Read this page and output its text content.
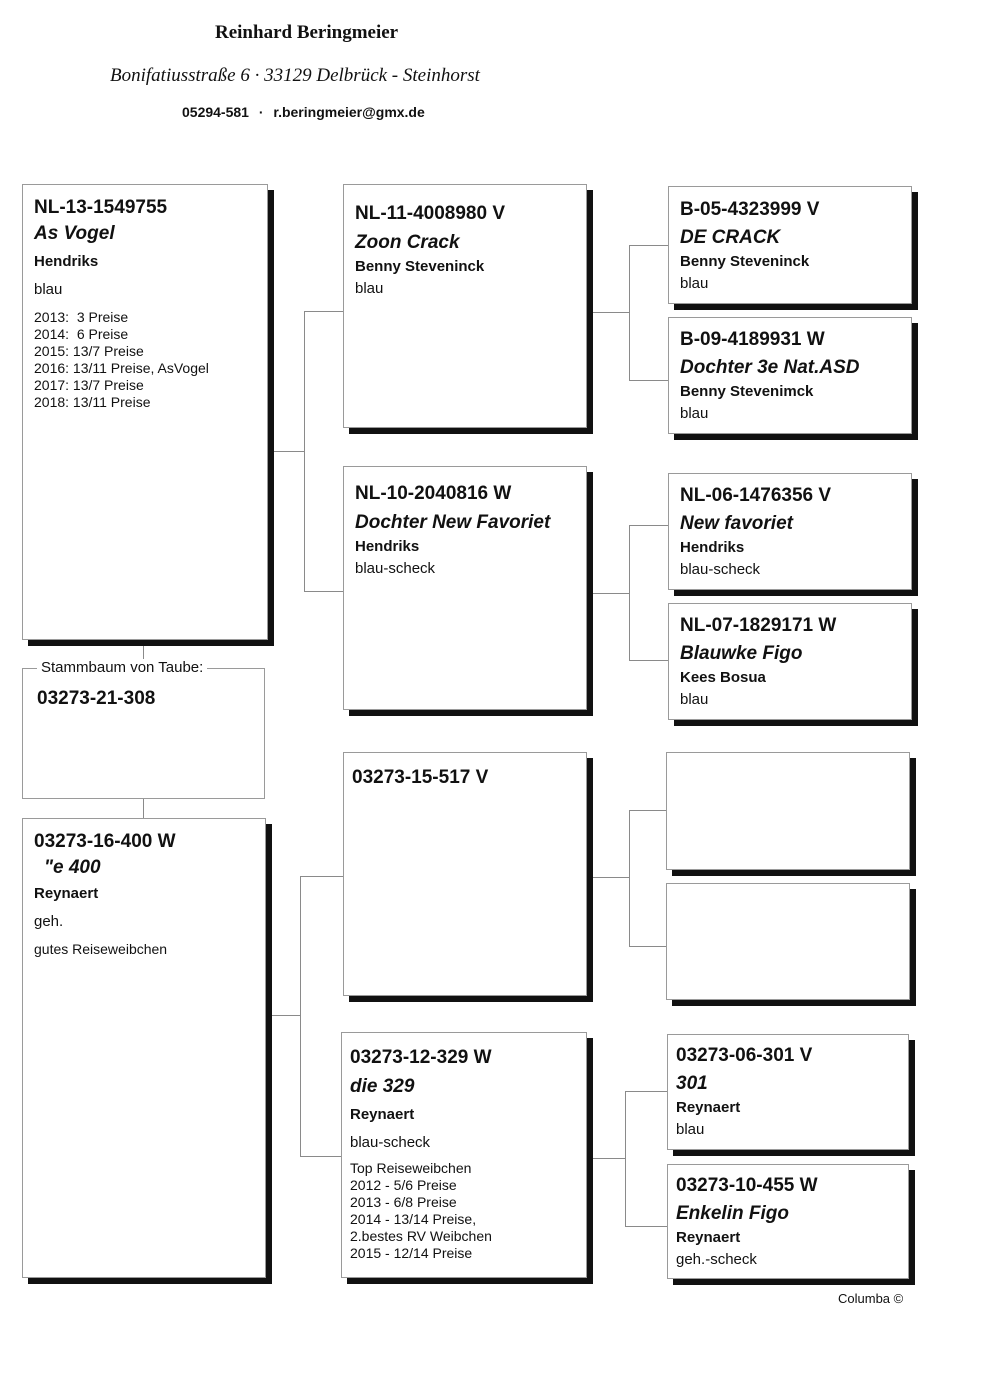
Reinhard Beringmeier
Bonifatiusstraße 6 · 33129 Delbrück - Steinhorst
05294-581 · r.beringmeier@gmx.de
NL-13-1549755
As Vogel
Hendriks
blau
2013:  3 Preise
2014:  6 Preise
2015: 13/7 Preise
2016: 13/11 Preise, AsVogel
2017: 13/7 Preise
2018: 13/11 Preise
Stammbaum von Taube:
03273-21-308
03273-16-400 W
"e 400
Reynaert
geh.
gutes Reiseweibchen
NL-11-4008980 V
Zoon Crack
Benny Steveninck
blau
NL-10-2040816 W
Dochter New Favoriet
Hendriks
blau-scheck
03273-15-517 V
03273-12-329 W
die 329
Reynaert
blau-scheck
Top Reiseweibchen
2012 - 5/6 Preise
2013 - 6/8 Preise
2014 - 13/14 Preise,
2.bestes RV Weibchen
2015 - 12/14 Preise
B-05-4323999 V
DE CRACK
Benny Steveninck
blau
B-09-4189931 W
Dochter 3e Nat.ASD
Benny Stevenimck
blau
NL-06-1476356 V
New favoriet
Hendriks
blau-scheck
NL-07-1829171 W
Blauwke Figo
Kees Bosua
blau
03273-06-301 V
301
Reynaert
blau
03273-10-455 W
Enkelin Figo
Reynaert
geh.-scheck
Columba ©
